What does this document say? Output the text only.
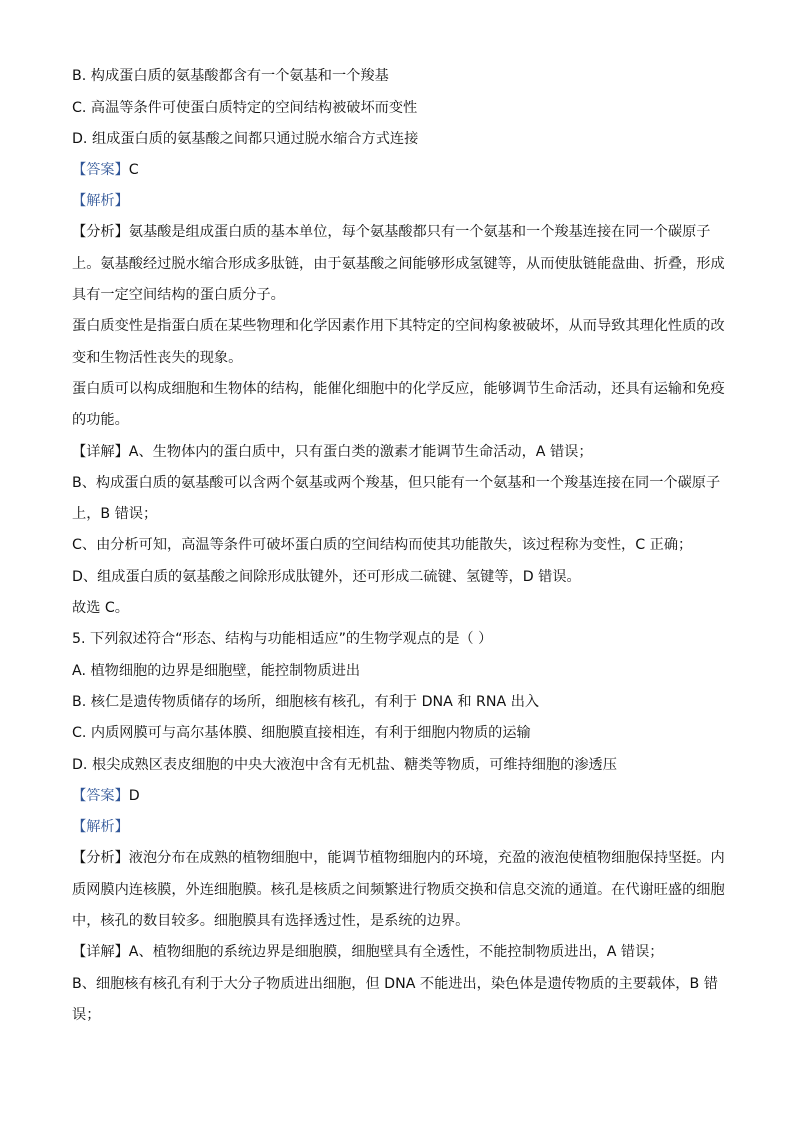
B. 构成蛋白质的氨基酸都含有一个氨基和一个羧基
C. 高温等条件可使蛋白质特定的空间结构被破坏而变性
D. 组成蛋白质的氨基酸之间都只通过脱水缩合方式连接
【答案】C
【解析】
【分析】氨基酸是组成蛋白质的基本单位，每个氨基酸都只有一个氨基和一个羧基连接在同一个碳原子
上。氨基酸经过脱水缩合形成多肽链，由于氨基酸之间能够形成氢键等，从而使肽链能盘曲、折叠，形成
具有一定空间结构的蛋白质分子。
蛋白质变性是指蛋白质在某些物理和化学因素作用下其特定的空间构象被破坏，从而导致其理化性质的改
变和生物活性丧失的现象。
蛋白质可以构成细胞和生物体的结构，能催化细胞中的化学反应，能够调节生命活动，还具有运输和免疫
的功能。
【详解】A、生物体内的蛋白质中，只有蛋白类的激素才能调节生命活动，A 错误；
B、构成蛋白质的氨基酸可以含两个氨基或两个羧基，但只能有一个氨基和一个羧基连接在同一个碳原子
上，B 错误；
C、由分析可知，高温等条件可破坏蛋白质的空间结构而使其功能散失，该过程称为变性，C 正确；
D、组成蛋白质的氨基酸之间除形成肽键外，还可形成二硫键、氢键等，D 错误。
故选 C。
5. 下列叙述符合“形态、结构与功能相适应”的生物学观点的是（ ）
A. 植物细胞的边界是细胞壁，能控制物质进出
B. 核仁是遗传物质储存的场所，细胞核有核孔，有利于 DNA 和 RNA 出入
C. 内质网膜可与高尔基体膜、细胞膜直接相连，有利于细胞内物质的运输
D. 根尖成熟区表皮细胞的中央大液泡中含有无机盐、糖类等物质，可维持细胞的渗透压
【答案】D
【解析】
【分析】液泡分布在成熟的植物细胞中，能调节植物细胞内的环境，充盈的液泡使植物细胞保持坚挺。内
质网膜内连核膜，外连细胞膜。核孔是核质之间频繁进行物质交换和信息交流的通道。在代谢旺盛的细胞
中，核孔的数目较多。细胞膜具有选择透过性，是系统的边界。
【详解】A、植物细胞的系统边界是细胞膜，细胞壁具有全透性，不能控制物质进出，A 错误；
B、细胞核有核孔有利于大分子物质进出细胞，但 DNA 不能进出，染色体是遗传物质的主要载体，B 错
误；
